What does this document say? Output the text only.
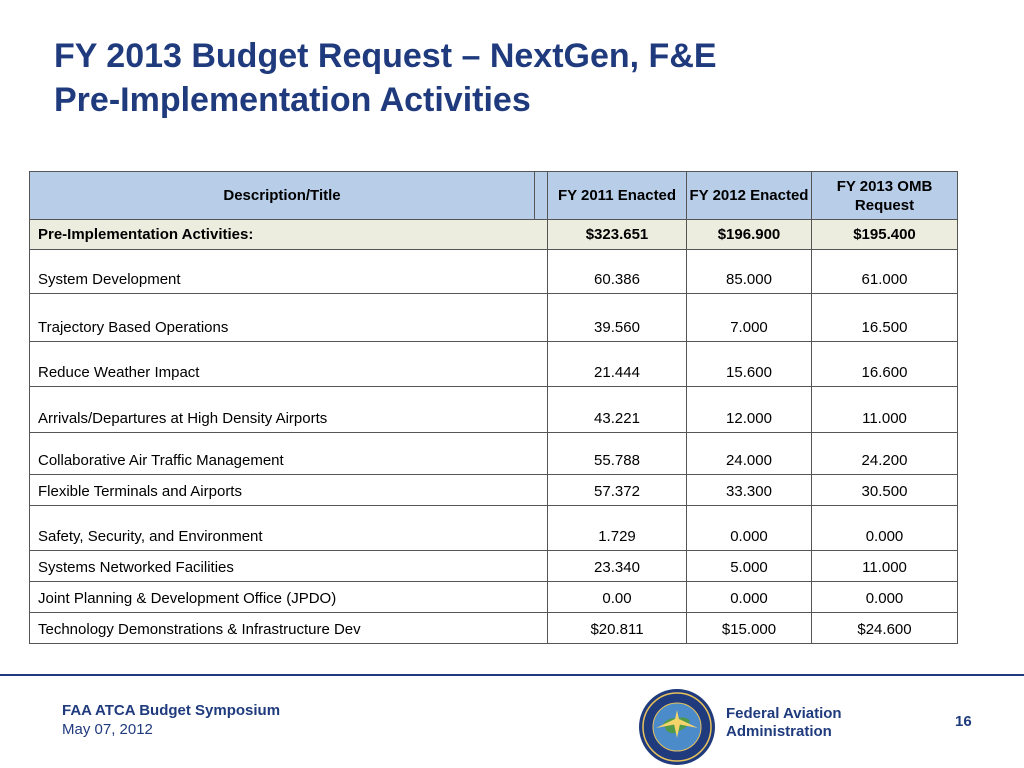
FY 2013 Budget Request – NextGen, F&E
Pre-Implementation Activities
Description/Title		FY 2011 Enacted	FY 2012 Enacted	FY 2013 OMB Request
Pre-Implementation Activities:		$323.651	$196.900	$195.400
System Development		60.386	85.000	61.000
Trajectory Based Operations		39.560	7.000	16.500
Reduce Weather Impact		21.444	15.600	16.600
Arrivals/Departures at High Density Airports		43.221	12.000	11.000
Collaborative Air Traffic Management		55.788	24.000	24.200
Flexible Terminals and Airports		57.372	33.300	30.500
Safety, Security, and Environment		1.729	0.000	0.000
Systems Networked Facilities		23.340	5.000	11.000
Joint Planning & Development Office (JPDO)		0.00	0.000	0.000
Technology Demonstrations & Infrastructure Dev		$20.811	$15.000	$24.600
FAA ATCA Budget Symposium
May 07, 2012
Federal Aviation
Administration
16
